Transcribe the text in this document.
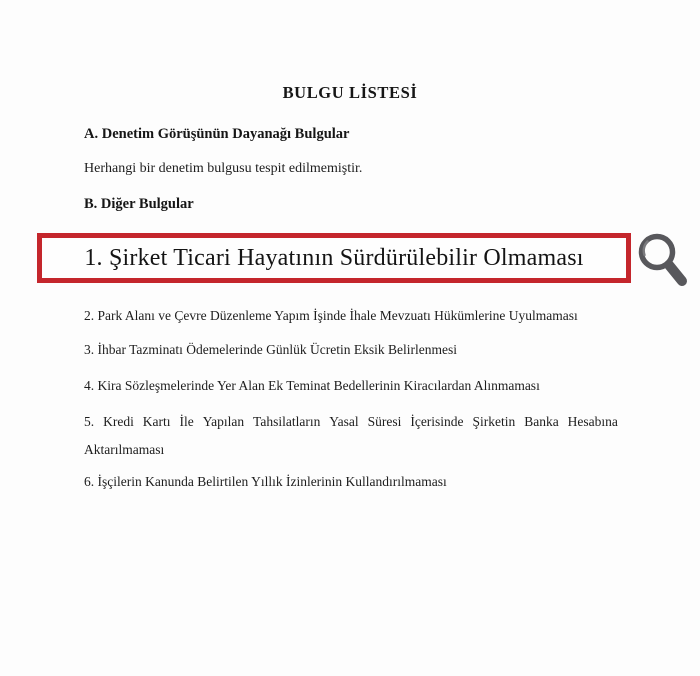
BULGU LİSTESİ
A. Denetim Görüşünün Dayanağı Bulgular
Herhangi bir denetim bulgusu tespit edilmemiştir.
B. Diğer Bulgular
1. Şirket Ticari Hayatının Sürdürülebilir Olmaması
2. Park Alanı ve Çevre Düzenleme Yapım İşinde İhale Mevzuatı Hükümlerine Uyulmaması
3. İhbar Tazminatı Ödemelerinde Günlük Ücretin Eksik Belirlenmesi
4. Kira Sözleşmelerinde Yer Alan Ek Teminat Bedellerinin Kiracılardan Alınmaması
5. Kredi Kartı İle Yapılan Tahsilatların Yasal Süresi İçerisinde Şirketin Banka Hesabına
Aktarılmaması
6. İşçilerin Kanunda Belirtilen Yıllık İzinlerinin Kullandırılmaması
